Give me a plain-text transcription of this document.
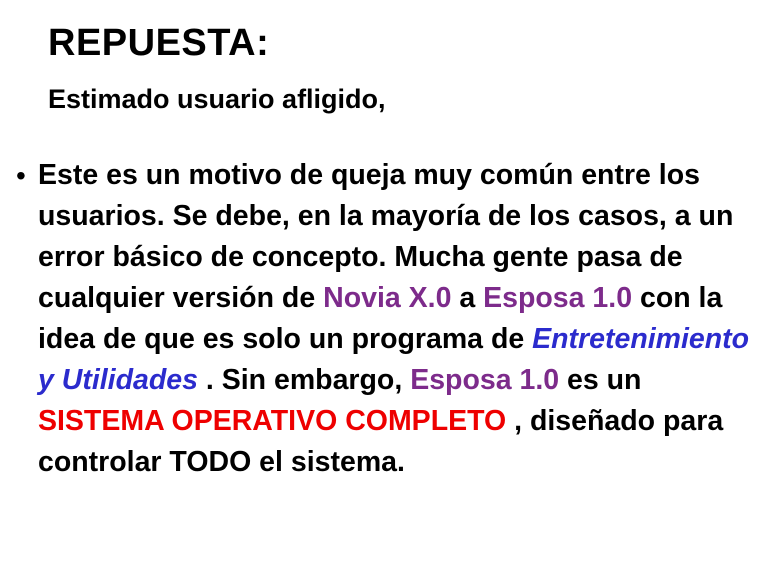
REPUESTA:
Estimado usuario afligido,
• Este es un motivo de queja muy común entre los usuarios. Se debe, en la mayoría de los casos, a un error básico de concepto. Mucha gente pasa de cualquier versión de Novia X.0 a Esposa 1.0 con la idea de que es solo un programa de Entretenimiento y Utilidades . Sin embargo, Esposa 1.0 es un SISTEMA OPERATIVO COMPLETO , diseñado para controlar TODO el sistema.
